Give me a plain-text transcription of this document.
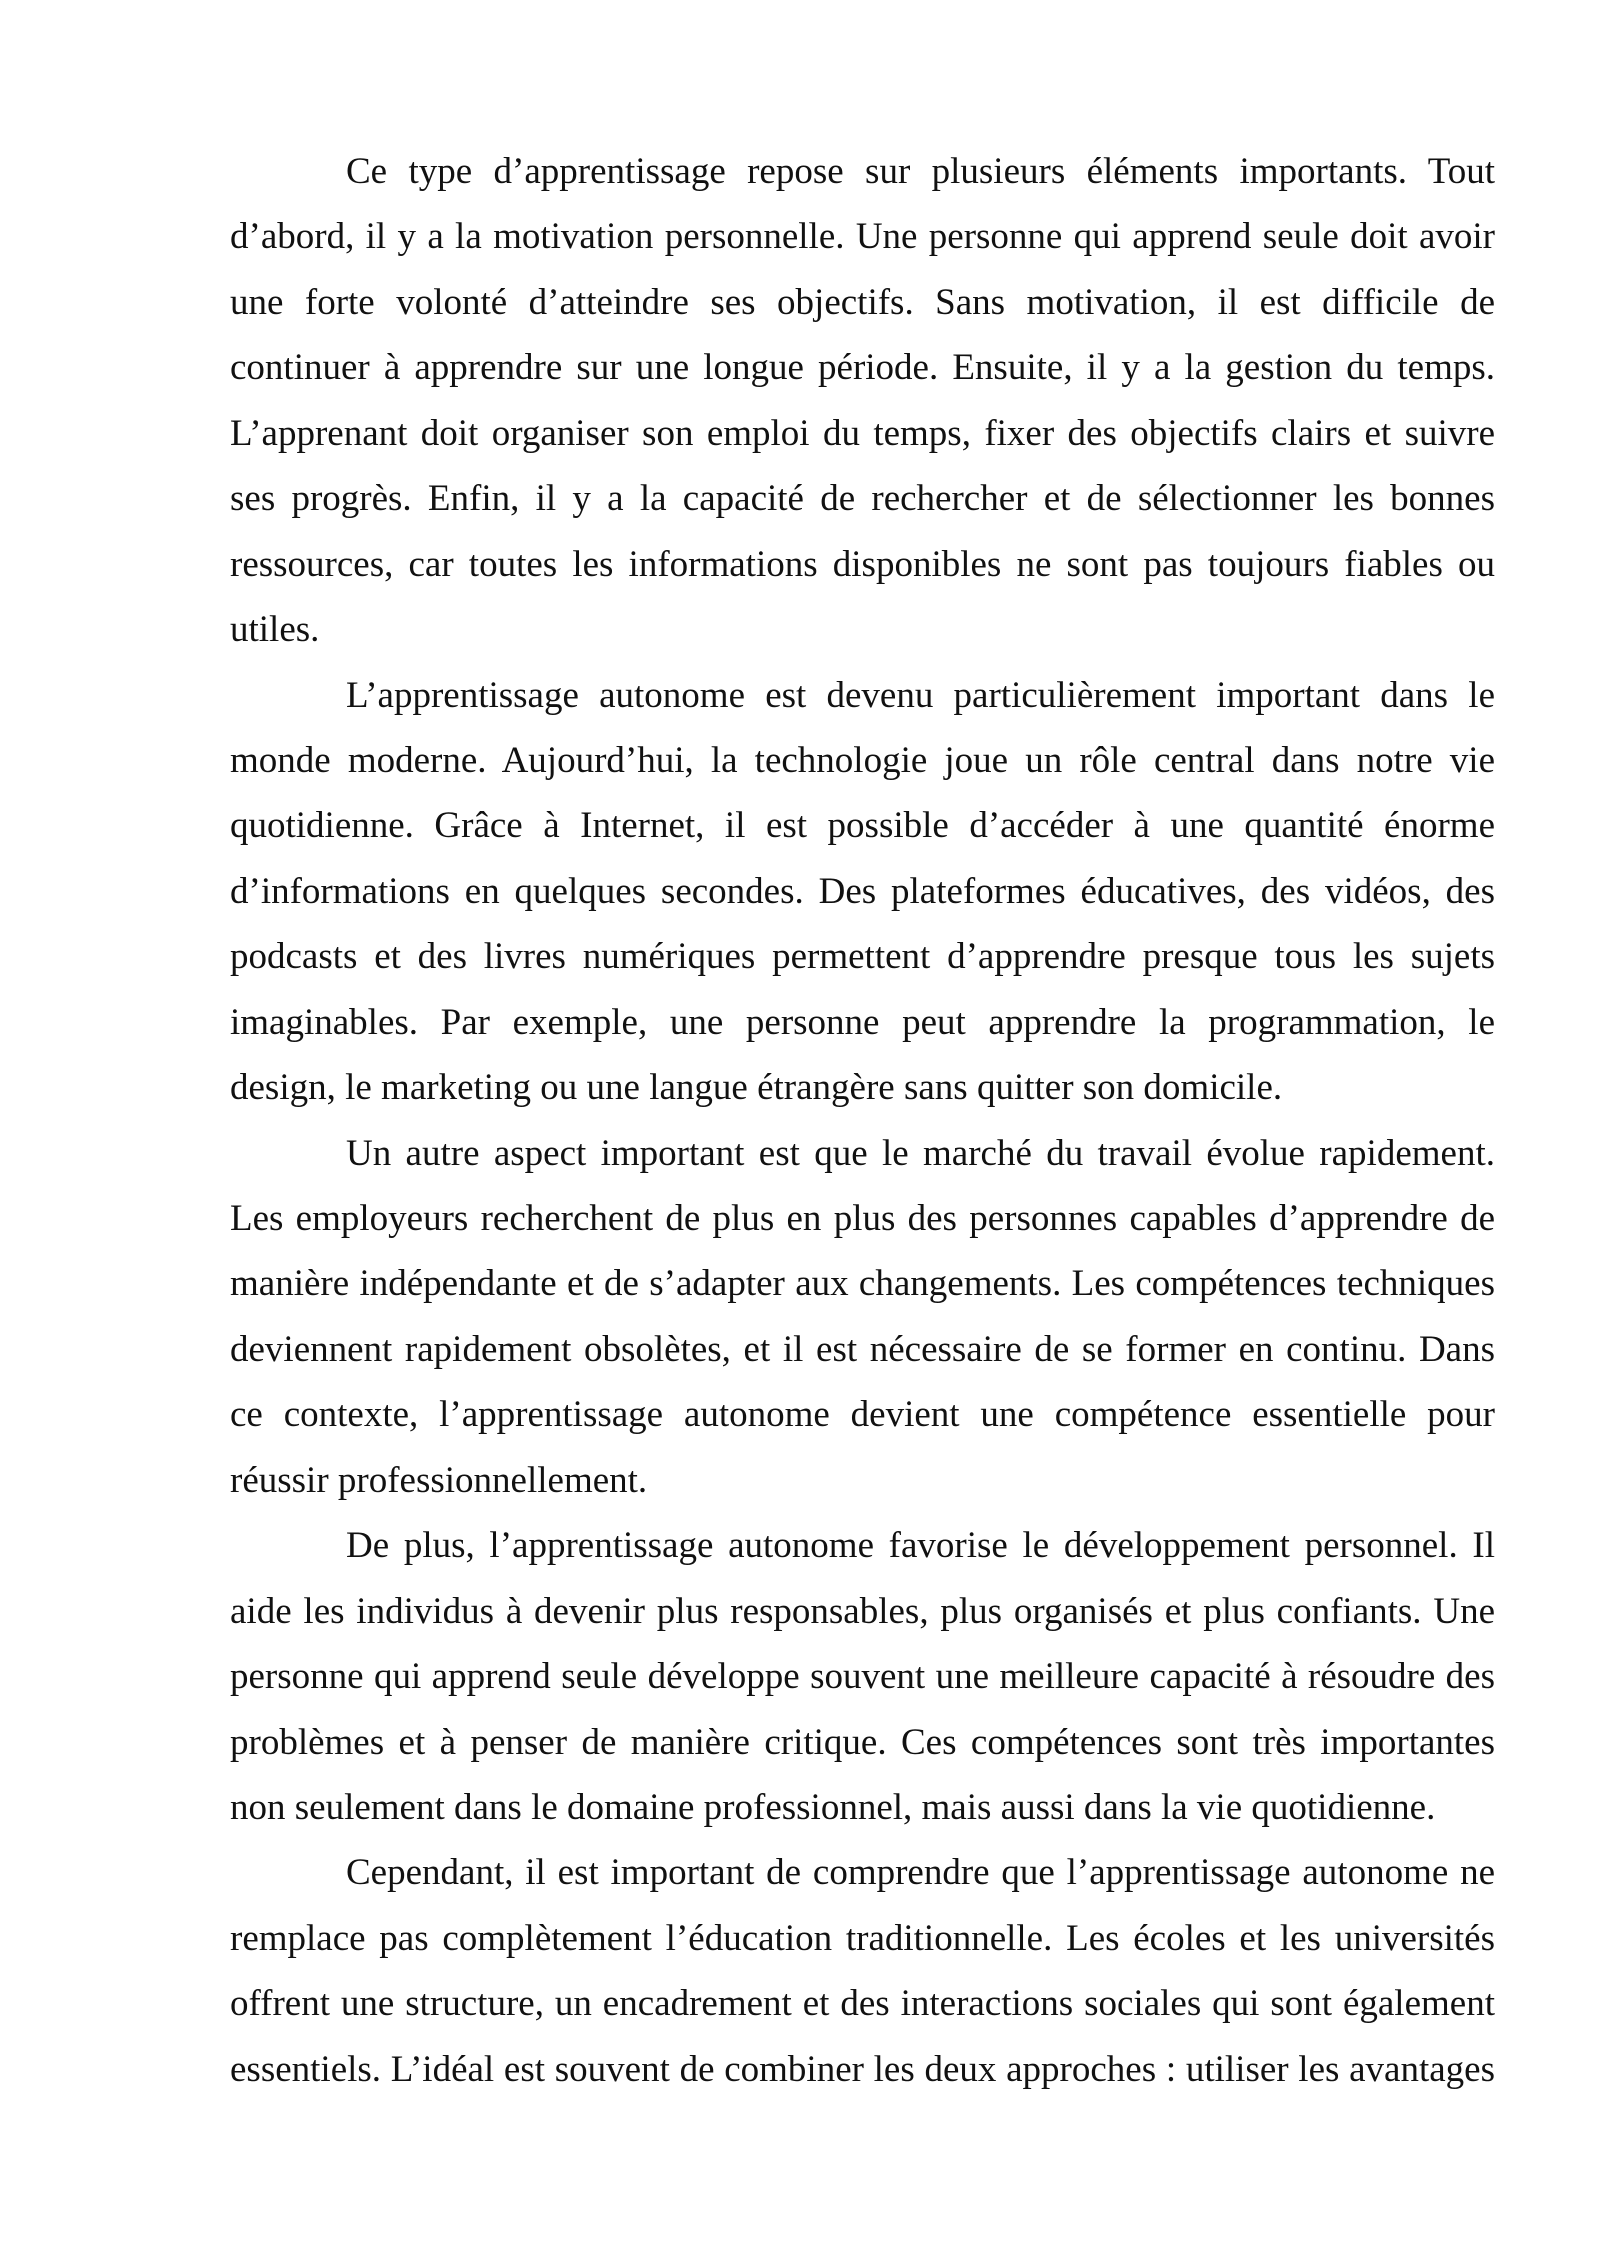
Ce type d’apprentissage repose sur plusieurs éléments importants. Tout
d’abord, il y a la motivation personnelle. Une personne qui apprend seule doit avoir
une forte volonté d’atteindre ses objectifs. Sans motivation, il est difficile de
continuer à apprendre sur une longue période. Ensuite, il y a la gestion du temps.
L’apprenant doit organiser son emploi du temps, fixer des objectifs clairs et suivre
ses progrès. Enfin, il y a la capacité de rechercher et de sélectionner les bonnes
ressources, car toutes les informations disponibles ne sont pas toujours fiables ou
utiles.
L’apprentissage autonome est devenu particulièrement important dans le
monde moderne. Aujourd’hui, la technologie joue un rôle central dans notre vie
quotidienne. Grâce à Internet, il est possible d’accéder à une quantité énorme
d’informations en quelques secondes. Des plateformes éducatives, des vidéos, des
podcasts et des livres numériques permettent d’apprendre presque tous les sujets
imaginables. Par exemple, une personne peut apprendre la programmation, le
design, le marketing ou une langue étrangère sans quitter son domicile.
Un autre aspect important est que le marché du travail évolue rapidement.
Les employeurs recherchent de plus en plus des personnes capables d’apprendre de
manière indépendante et de s’adapter aux changements. Les compétences techniques
deviennent rapidement obsolètes, et il est nécessaire de se former en continu. Dans
ce contexte, l’apprentissage autonome devient une compétence essentielle pour
réussir professionnellement.
De plus, l’apprentissage autonome favorise le développement personnel. Il
aide les individus à devenir plus responsables, plus organisés et plus confiants. Une
personne qui apprend seule développe souvent une meilleure capacité à résoudre des
problèmes et à penser de manière critique. Ces compétences sont très importantes
non seulement dans le domaine professionnel, mais aussi dans la vie quotidienne.
Cependant, il est important de comprendre que l’apprentissage autonome ne
remplace pas complètement l’éducation traditionnelle. Les écoles et les universités
offrent une structure, un encadrement et des interactions sociales qui sont également
essentiels. L’idéal est souvent de combiner les deux approches : utiliser les avantages
